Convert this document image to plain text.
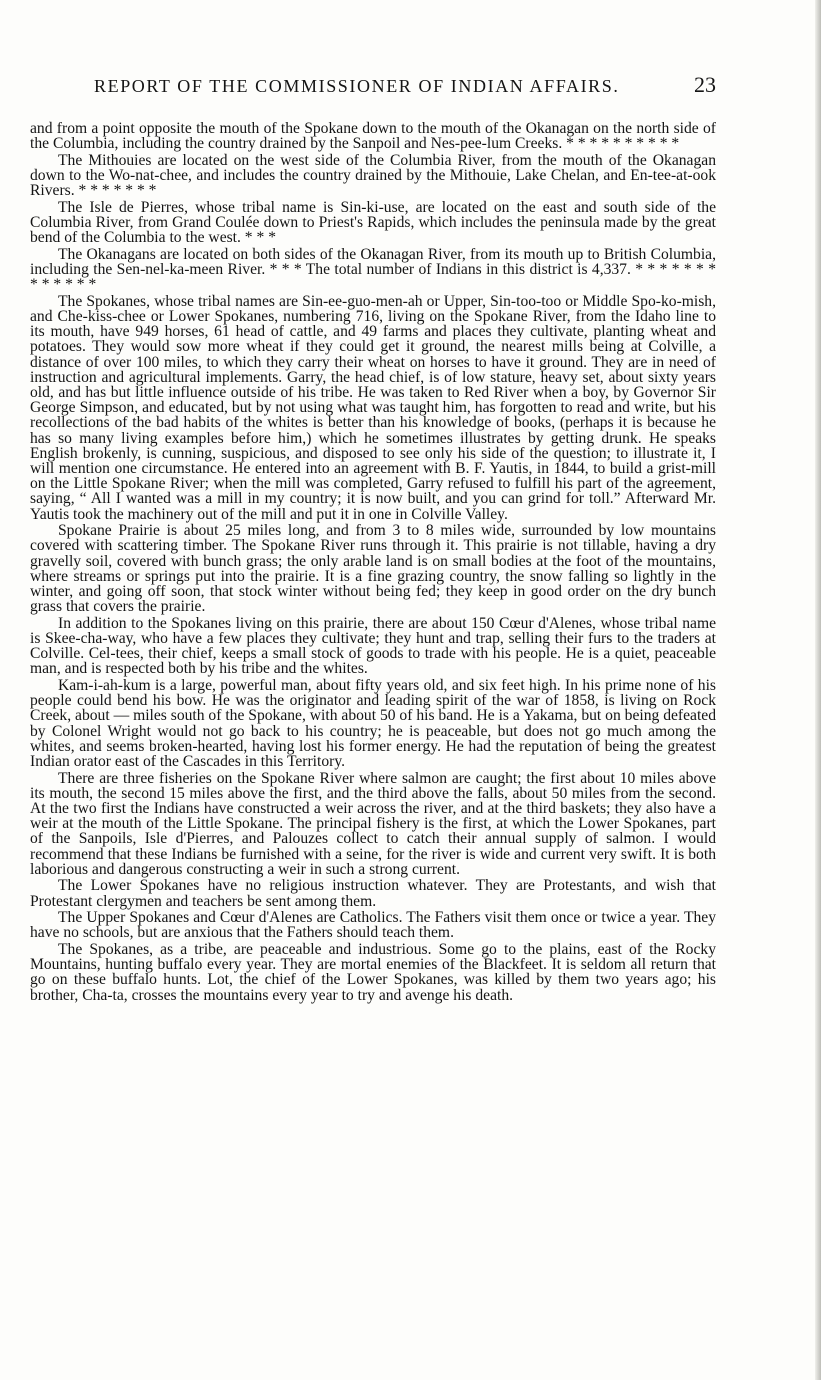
REPORT OF THE COMMISSIONER OF INDIAN AFFAIRS.	23

and from a point opposite the mouth of the Spokane down to the mouth of the Okanagan on the north side of the Columbia, including the country drained by the Sanpoil and Nes-pee-lum Creeks. * * * * * * * * * *

The Mithouies are located on the west side of the Columbia River, from the mouth of the Okanagan down to the Wo-nat-chee, and includes the country drained by the Mithouie, Lake Chelan, and En-tee-at-ook Rivers. * * * * * * *

The Isle de Pierres, whose tribal name is Sin-ki-use, are located on the east and south side of the Columbia River, from Grand Coulée down to Priest's Rapids, which includes the peninsula made by the great bend of the Columbia to the west. * * *

The Okanagans are located on both sides of the Okanagan River, from its mouth up to British Columbia, including the Sen-nel-ka-meen River. * * * The total number of Indians in this district is 4,337. * * * * * * * * * * * * *

The Spokanes, whose tribal names are Sin-ee-guo-men-ah or Upper, Sin-too-too or Middle Spo-ko-mish, and Che-kiss-chee or Lower Spokanes, numbering 716, living on the Spokane River, from the Idaho line to its mouth, have 949 horses, 61 head of cattle, and 49 farms and places they cultivate, planting wheat and potatoes. They would sow more wheat if they could get it ground, the nearest mills being at Colville, a distance of over 100 miles, to which they carry their wheat on horses to have it ground. They are in need of instruction and agricultural implements. Garry, the head chief, is of low stature, heavy set, about sixty years old, and has but little influence outside of his tribe. He was taken to Red River when a boy, by Governor Sir George Simpson, and educated, but by not using what was taught him, has forgotten to read and write, but his recollections of the bad habits of the whites is better than his knowledge of books, (perhaps it is because he has so many living examples before him,) which he sometimes illustrates by getting drunk. He speaks English brokenly, is cunning, suspicious, and disposed to see only his side of the question; to illustrate it, I will mention one circumstance. He entered into an agreement with B. F. Yautis, in 1844, to build a grist-mill on the Little Spokane River; when the mill was completed, Garry refused to fulfill his part of the agreement, saying, “ All I wanted was a mill in my country; it is now built, and you can grind for toll.” Afterward Mr. Yautis took the machinery out of the mill and put it in one in Colville Valley.

Spokane Prairie is about 25 miles long, and from 3 to 8 miles wide, surrounded by low mountains covered with scattering timber. The Spokane River runs through it. This prairie is not tillable, having a dry gravelly soil, covered with bunch grass; the only arable land is on small bodies at the foot of the mountains, where streams or springs put into the prairie. It is a fine grazing country, the snow falling so lightly in the winter, and going off soon, that stock winter without being fed; they keep in good order on the dry bunch grass that covers the prairie.

In addition to the Spokanes living on this prairie, there are about 150 Cœur d'Alenes, whose tribal name is Skee-cha-way, who have a few places they cultivate; they hunt and trap, selling their furs to the traders at Colville. Cel-tees, their chief, keeps a small stock of goods to trade with his people. He is a quiet, peaceable man, and is respected both by his tribe and the whites.

Kam-i-ah-kum is a large, powerful man, about fifty years old, and six feet high. In his prime none of his people could bend his bow. He was the originator and leading spirit of the war of 1858, is living on Rock Creek, about — miles south of the Spokane, with about 50 of his band. He is a Yakama, but on being defeated by Colonel Wright would not go back to his country; he is peaceable, but does not go much among the whites, and seems broken-hearted, having lost his former energy. He had the reputation of being the greatest Indian orator east of the Cascades in this Territory.

There are three fisheries on the Spokane River where salmon are caught; the first about 10 miles above its mouth, the second 15 miles above the first, and the third above the falls, about 50 miles from the second. At the two first the Indians have constructed a weir across the river, and at the third baskets; they also have a weir at the mouth of the Little Spokane. The principal fishery is the first, at which the Lower Spokanes, part of the Sanpoils, Isle d'Pierres, and Palouzes collect to catch their annual supply of salmon. I would recommend that these Indians be furnished with a seine, for the river is wide and current very swift. It is both laborious and dangerous constructing a weir in such a strong current.

The Lower Spokanes have no religious instruction whatever. They are Protestants, and wish that Protestant clergymen and teachers be sent among them.

The Upper Spokanes and Cœur d'Alenes are Catholics. The Fathers visit them once or twice a year. They have no schools, but are anxious that the Fathers should teach them.

The Spokanes, as a tribe, are peaceable and industrious. Some go to the plains, east of the Rocky Mountains, hunting buffalo every year. They are mortal enemies of the Blackfeet. It is seldom all return that go on these buffalo hunts. Lot, the chief of the Lower Spokanes, was killed by them two years ago; his brother, Cha-ta, crosses the mountains every year to try and avenge his death.
